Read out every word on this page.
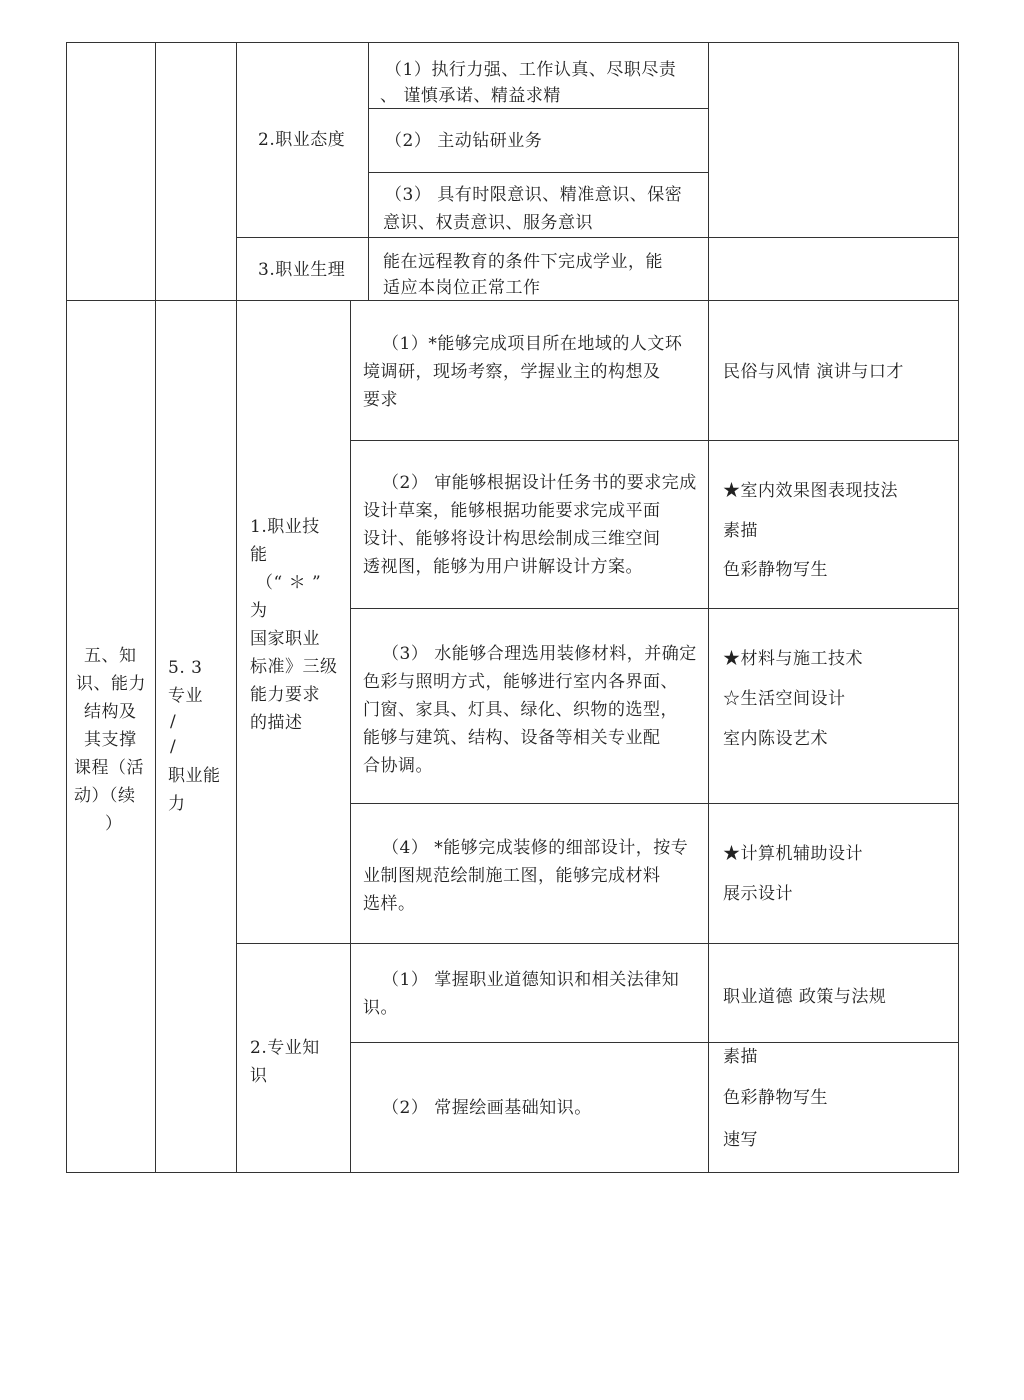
2.职业态度
（1）执行力强、工作认真、尽职尽责
、 谨慎承诺、精益求精
（2） 主动钻研业务
（3） 具有时限意识、精准意识、保密
意识、权责意识、服务意识
3.职业生理 能在远程教育的条件下完成学业，能
适应本岗位正常工作
五、知
识、能力
结构及
其支撑
课程（活
动）（续
）
5. 3
专业
/
/
职业能
力
1.职业技
能
（“ ＊ ”
为
国家职业
标准》三级
能力要求
的描述
（1）*能够完成项目所在地域的人文环
境调研，现场考察，学握业主的构想及
要求
民俗与风情 演讲与口才
（2） 审能够根据设计任务书的要求完成
设计草案，能够根据功能要求完成平面
设计、能够将设计构思绘制成三维空间
透视图，能够为用户讲解设计方案。
★室内效果图表现技法
素描
色彩静物写生
（3） 水能够合理选用装修材料，并确定
色彩与照明方式，能够进行室内各界面、
门窗、家具、灯具、绿化、织物的选型，
能够与建筑、结构、设备等相关专业配
合协调。
★材料与施工技术
☆生活空间设计
室内陈设艺术
（4） *能够完成装修的细部设计，按专
业制图规范绘制施工图，能够完成材料
选样。
★计算机辅助设计
展示设计
2.专业知
识
（1） 掌握职业道德知识和相关法律知
识。
职业道德 政策与法规
（2） 常握绘画基础知识。
素描
色彩静物写生
速写
